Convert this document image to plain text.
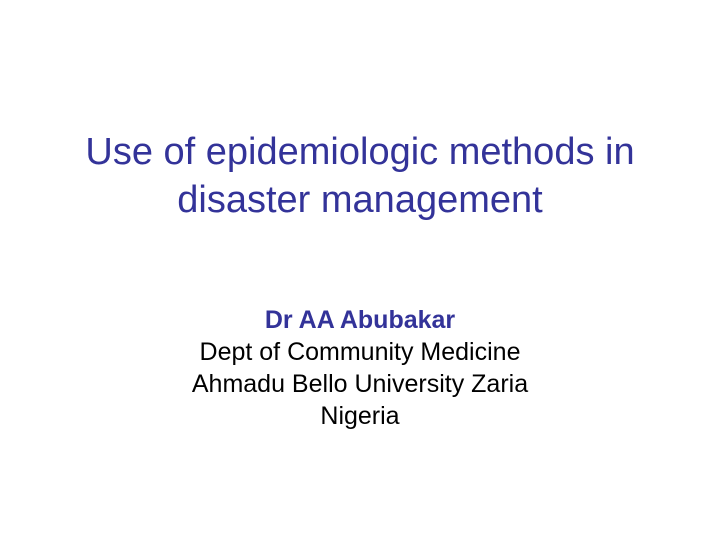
Use of epidemiologic methods in
disaster management
Dr AA Abubakar
Dept of Community Medicine
Ahmadu Bello University Zaria
Nigeria
